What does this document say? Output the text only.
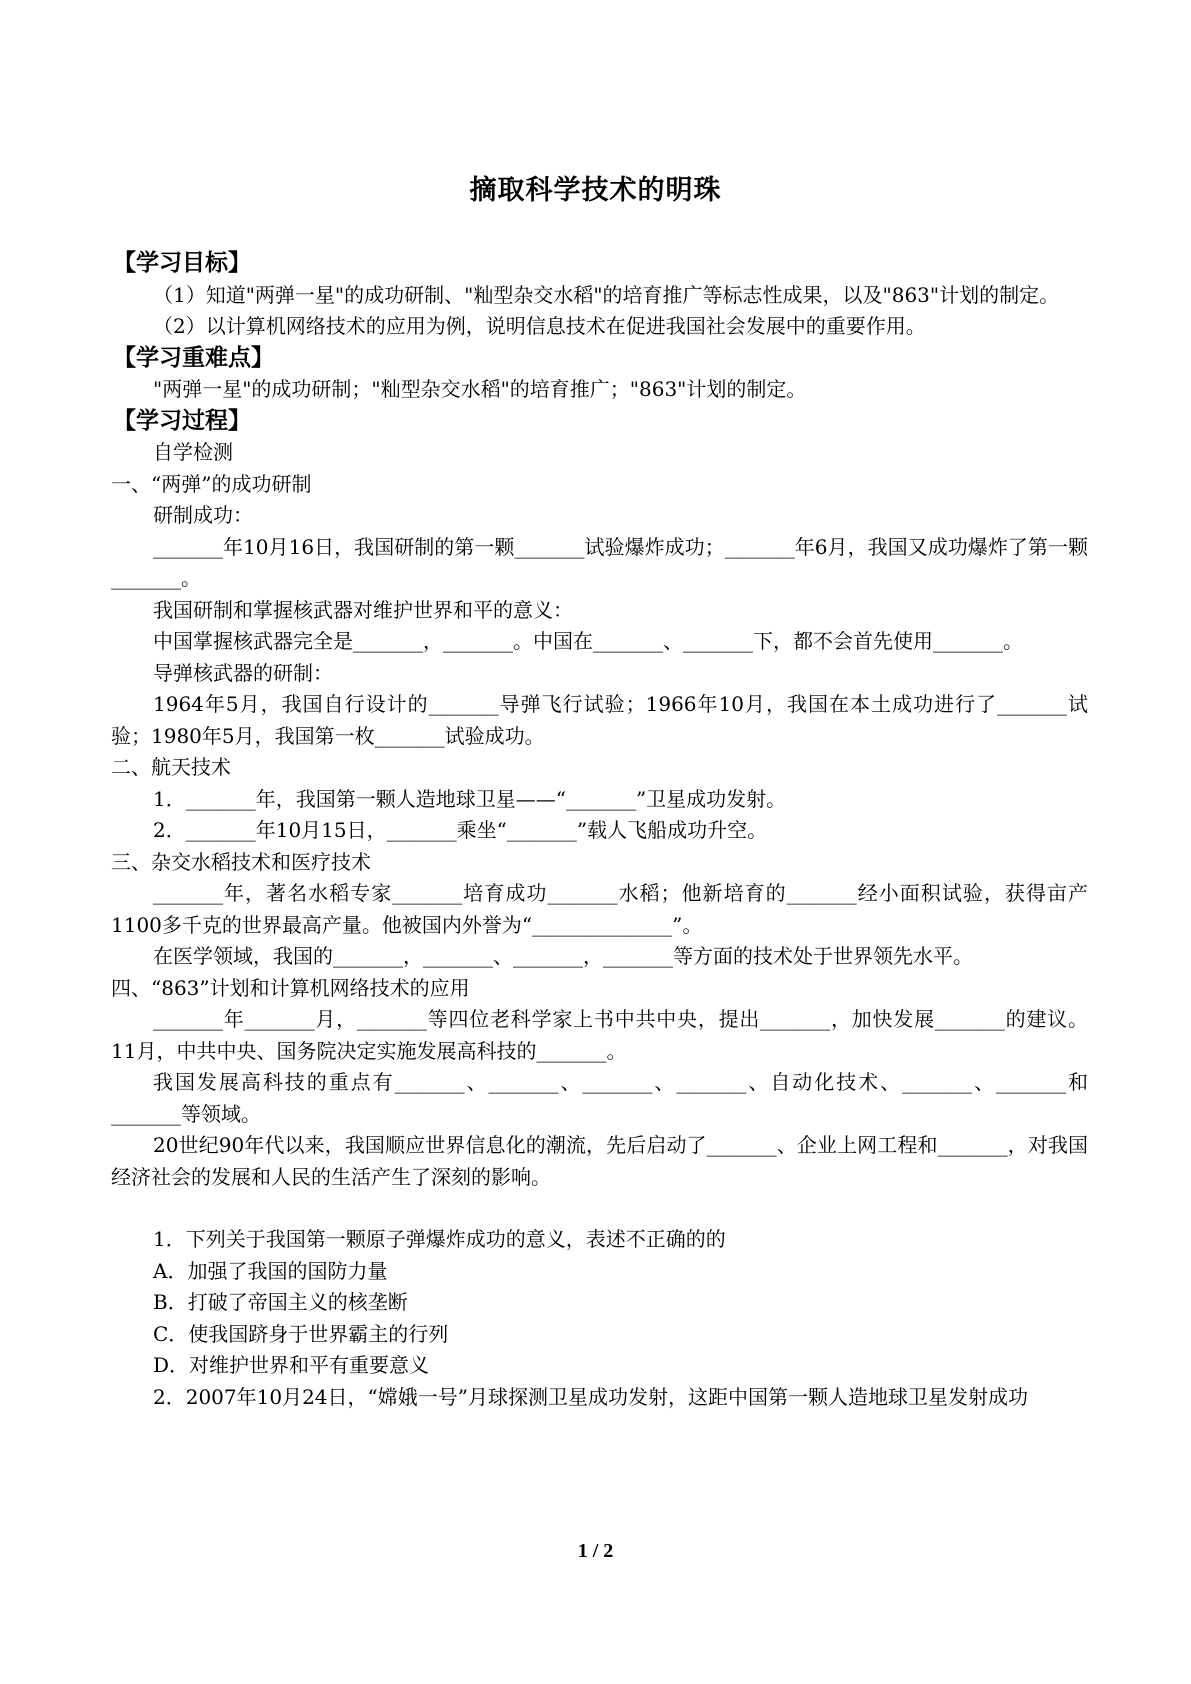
摘取科学技术的明珠
【学习目标】

（1）知道"两弹一星"的成功研制、"籼型杂交水稻"的培育推广等标志性成果，以及"863"计划的制定。

（2）以计算机网络技术的应用为例，说明信息技术在促进我国社会发展中的重要作用。

【学习重难点】

"两弹一星"的成功研制；"籼型杂交水稻"的培育推广；"863"计划的制定。

【学习过程】

自学检测

一、“两弹”的成功研制

研制成功：

_______年10月16日，我国研制的第一颗_______试验爆炸成功；_______年6月，我国又成功爆炸了第一颗_______。

我国研制和掌握核武器对维护世界和平的意义：

中国掌握核武器完全是_______，_______。中国在_______、_______下，都不会首先使用_______。

导弹核武器的研制：

1964年5月，我国自行设计的_______导弹飞行试验；1966年10月，我国在本土成功进行了_______试验；1980年5月，我国第一枚_______试验成功。

二、航天技术

1．_______年，我国第一颗人造地球卫星——“_______”卫星成功发射。

2．_______年10月15日，_______乘坐“_______”载人飞船成功升空。

三、杂交水稻技术和医疗技术

_______年，著名水稻专家_______培育成功_______水稻；他新培育的_______经小面积试验，获得亩产1100多千克的世界最高产量。他被国内外誉为“______________”。

在医学领域，我国的_______，_______、_______，_______等方面的技术处于世界领先水平。

四、“863”计划和计算机网络技术的应用

_______年_______月，_______等四位老科学家上书中共中央，提出_______，加快发展_______的建议。11月，中共中央、国务院决定实施发展高科技的_______。

我国发展高科技的重点有_______、_______、_______、_______、自动化技术、_______、_______和_______等领域。

20世纪90年代以来，我国顺应世界信息化的潮流，先后启动了_______、企业上网工程和_______，对我国经济社会的发展和人民的生活产生了深刻的影响。

1．下列关于我国第一颗原子弹爆炸成功的意义，表述不正确的的

A．加强了我国的国防力量

B．打破了帝国主义的核垄断

C．使我国跻身于世界霸主的行列

D．对维护世界和平有重要意义

2．2007年10月24日，“嫦娥一号”月球探测卫星成功发射，这距中国第一颗人造地球卫星发射成功

1 / 2
